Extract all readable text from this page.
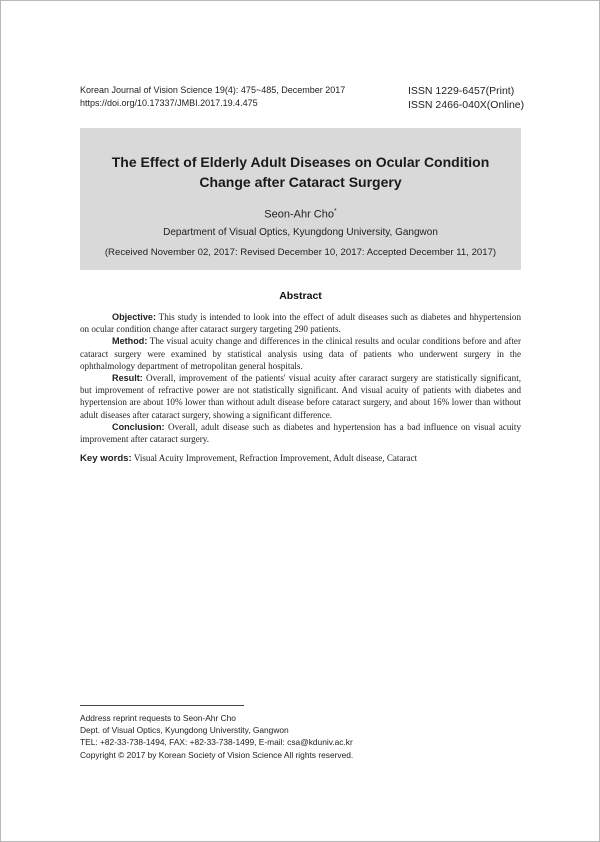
Korean Journal of Vision Science 19(4): 475~485, December 2017
https://doi.org/10.17337/JMBI.2017.19.4.475
ISSN 1229-6457(Print)
ISSN 2466-040X(Online)
The Effect of Elderly Adult Diseases on Ocular Condition
Change after Cataract Surgery
Seon-Ahr Cho*
Department of Visual Optics, Kyungdong University, Gangwon
(Received November 02, 2017: Revised December 10, 2017: Accepted December 11, 2017)
Abstract

Objective: This study is intended to look into the effect of adult diseases such as diabetes and hhypertension on ocular condition change after cataract surgery targeting 290 patients.

Method: The visual acuity change and differences in the clinical results and ocular conditions before and after cataract surgery were examined by statistical analysis using data of patients who underwent surgery in the ophthalmology department of metropolitan general hospitals.

Result: Overall, improvement of the patients' visual acuity after cararact surgery are statistically significant, but improvement of refractive power are not statistically significant. And visual acuity of patients with diabetes and hypertension are about 10% lower than without adult disease before cataract surgery, and about 16% lower than without adult diseases after cataract surgery, showing a significant difference.

Conclusion: Overall, adult disease such as diabetes and hypertension has a bad influence on visual acuity improvement after cataract surgery.

Key words: Visual Acuity Improvement, Refraction Improvement, Adult disease, Cataract
Address reprint requests to Seon-Ahr Cho
Dept. of Visual Optics, Kyungdong Universtity, Gangwon
TEL: +82-33-738-1494, FAX: +82-33-738-1499, E-mail: csa@kduniv.ac.kr
Copyright © 2017 by Korean Society of Vision Science All rights reserved.
